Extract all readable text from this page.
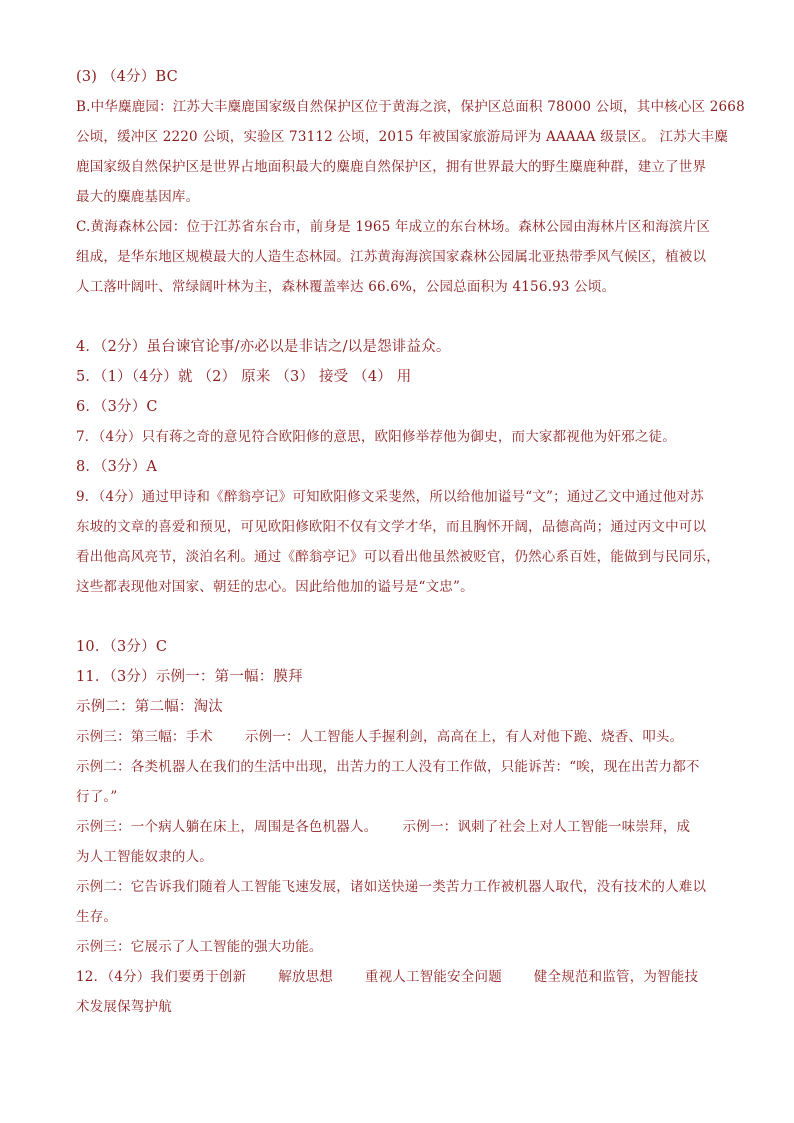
(3) （4分）BC
B.中华麋鹿园：江苏大丰麋鹿国家级自然保护区位于黄海之滨，保护区总面积 78000 公顷，其中核心区 2668
公顷，缓冲区 2220 公顷，实验区 73112 公顷，2015 年被国家旅游局评为 AAAAA 级景区。 江苏大丰麋
鹿国家级自然保护区是世界占地面积最大的麋鹿自然保护区，拥有世界最大的野生麋鹿种群，建立了世界
最大的麋鹿基因库。
C.黄海森林公园：位于江苏省东台市，前身是 1965 年成立的东台林场。森林公园由海林片区和海滨片区
组成，是华东地区规模最大的人造生态林园。江苏黄海海滨国家森林公园属北亚热带季风气候区，植被以
人工落叶阔叶、常绿阔叶林为主，森林覆盖率达 66.6%，公园总面积为 4156.93 公顷。
4．（2分）虽台谏官论事/亦必以是非诘之/以是怨诽益众。
5．（1）（4分）就 （2） 原来 （3） 接受 （4） 用
6．（3分）C
7．（4分）只有蒋之奇的意见符合欧阳修的意思，欧阳修举荐他为御史，而大家都视他为奸邪之徒。
8．（3分）A
9．（4分）通过甲诗和《醉翁亭记》可知欧阳修文采斐然，所以给他加谥号“文”；通过乙文中通过他对苏
东坡的文章的喜爱和预见，可见欧阳修欧阳不仅有文学才华，而且胸怀开阔，品德高尚；通过丙文中可以
看出他高风亮节，淡泊名利。通过《醉翁亭记》可以看出他虽然被贬官，仍然心系百姓，能做到与民同乐，
这些都表现他对国家、朝廷的忠心。因此给他加的谥号是“文忠”。
10．（3分）C
11．（3分）示例一：第一幅：膜拜
示例二：第二幅：淘汰
示例三：第三幅：手术　　 示例一：人工智能人手握利剑，高高在上，有人对他下跪、烧香、叩头。
示例二：各类机器人在我们的生活中出现，出苦力的工人没有工作做，只能诉苦：“唉，现在出苦力都不
行了。”
示例三：一个病人躺在床上，周围是各色机器人。　　 示例一：讽刺了社会上对人工智能一味崇拜，成
为人工智能奴隶的人。
示例二：它告诉我们随着人工智能飞速发展，诸如送快递一类苦力工作被机器人取代，没有技术的人难以
生存。
示例三：它展示了人工智能的强大功能。
12．（4分）我们要勇于创新　　 解放思想　　 重视人工智能安全问题　　 健全规范和监管，为智能技
术发展保驾护航
